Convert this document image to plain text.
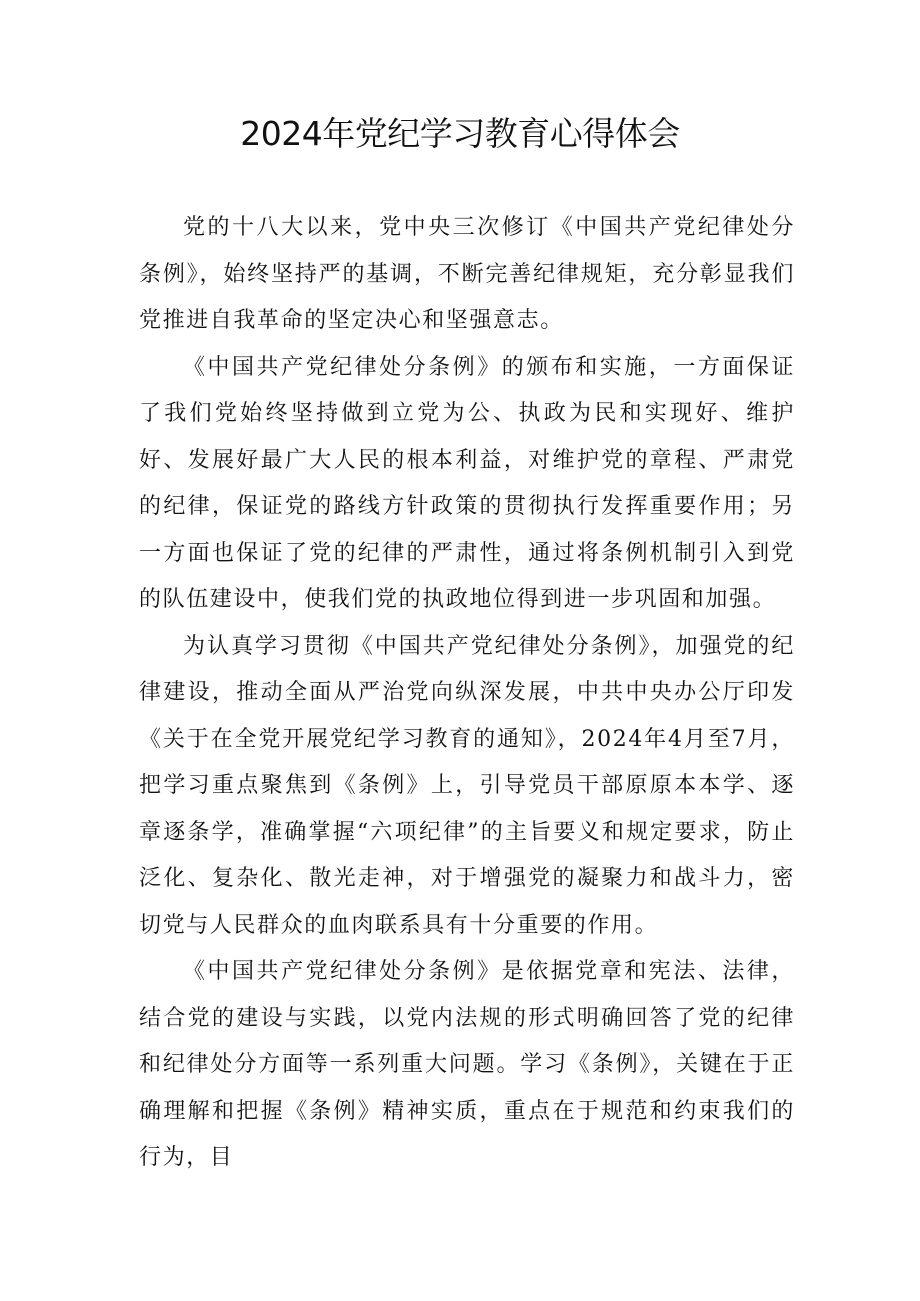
2024年党纪学习教育心得体会

党的十八大以来，党中央三次修订《中国共产党纪律处分条例》，始终坚持严的基调，不断完善纪律规矩，充分彰显我们党推进自我革命的坚定决心和坚强意志。

《中国共产党纪律处分条例》的颁布和实施，一方面保证了我们党始终坚持做到立党为公、执政为民和实现好、维护好、发展好最广大人民的根本利益，对维护党的章程、严肃党的纪律，保证党的路线方针政策的贯彻执行发挥重要作用；另一方面也保证了党的纪律的严肃性，通过将条例机制引入到党的队伍建设中，使我们党的执政地位得到进一步巩固和加强。

为认真学习贯彻《中国共产党纪律处分条例》，加强党的纪律建设，推动全面从严治党向纵深发展，中共中央办公厅印发《关于在全党开展党纪学习教育的通知》，2024年4月至7月，把学习重点聚焦到《条例》上，引导党员干部原原本本学、逐章逐条学，准确掌握“六项纪律”的主旨要义和规定要求，防止泛化、复杂化、散光走神，对于增强党的凝聚力和战斗力，密切党与人民群众的血肉联系具有十分重要的作用。

《中国共产党纪律处分条例》是依据党章和宪法、法律，结合党的建设与实践，以党内法规的形式明确回答了党的纪律和纪律处分方面等一系列重大问题。学习《条例》，关键在于正确理解和把握《条例》精神实质，重点在于规范和约束我们的行为，目
